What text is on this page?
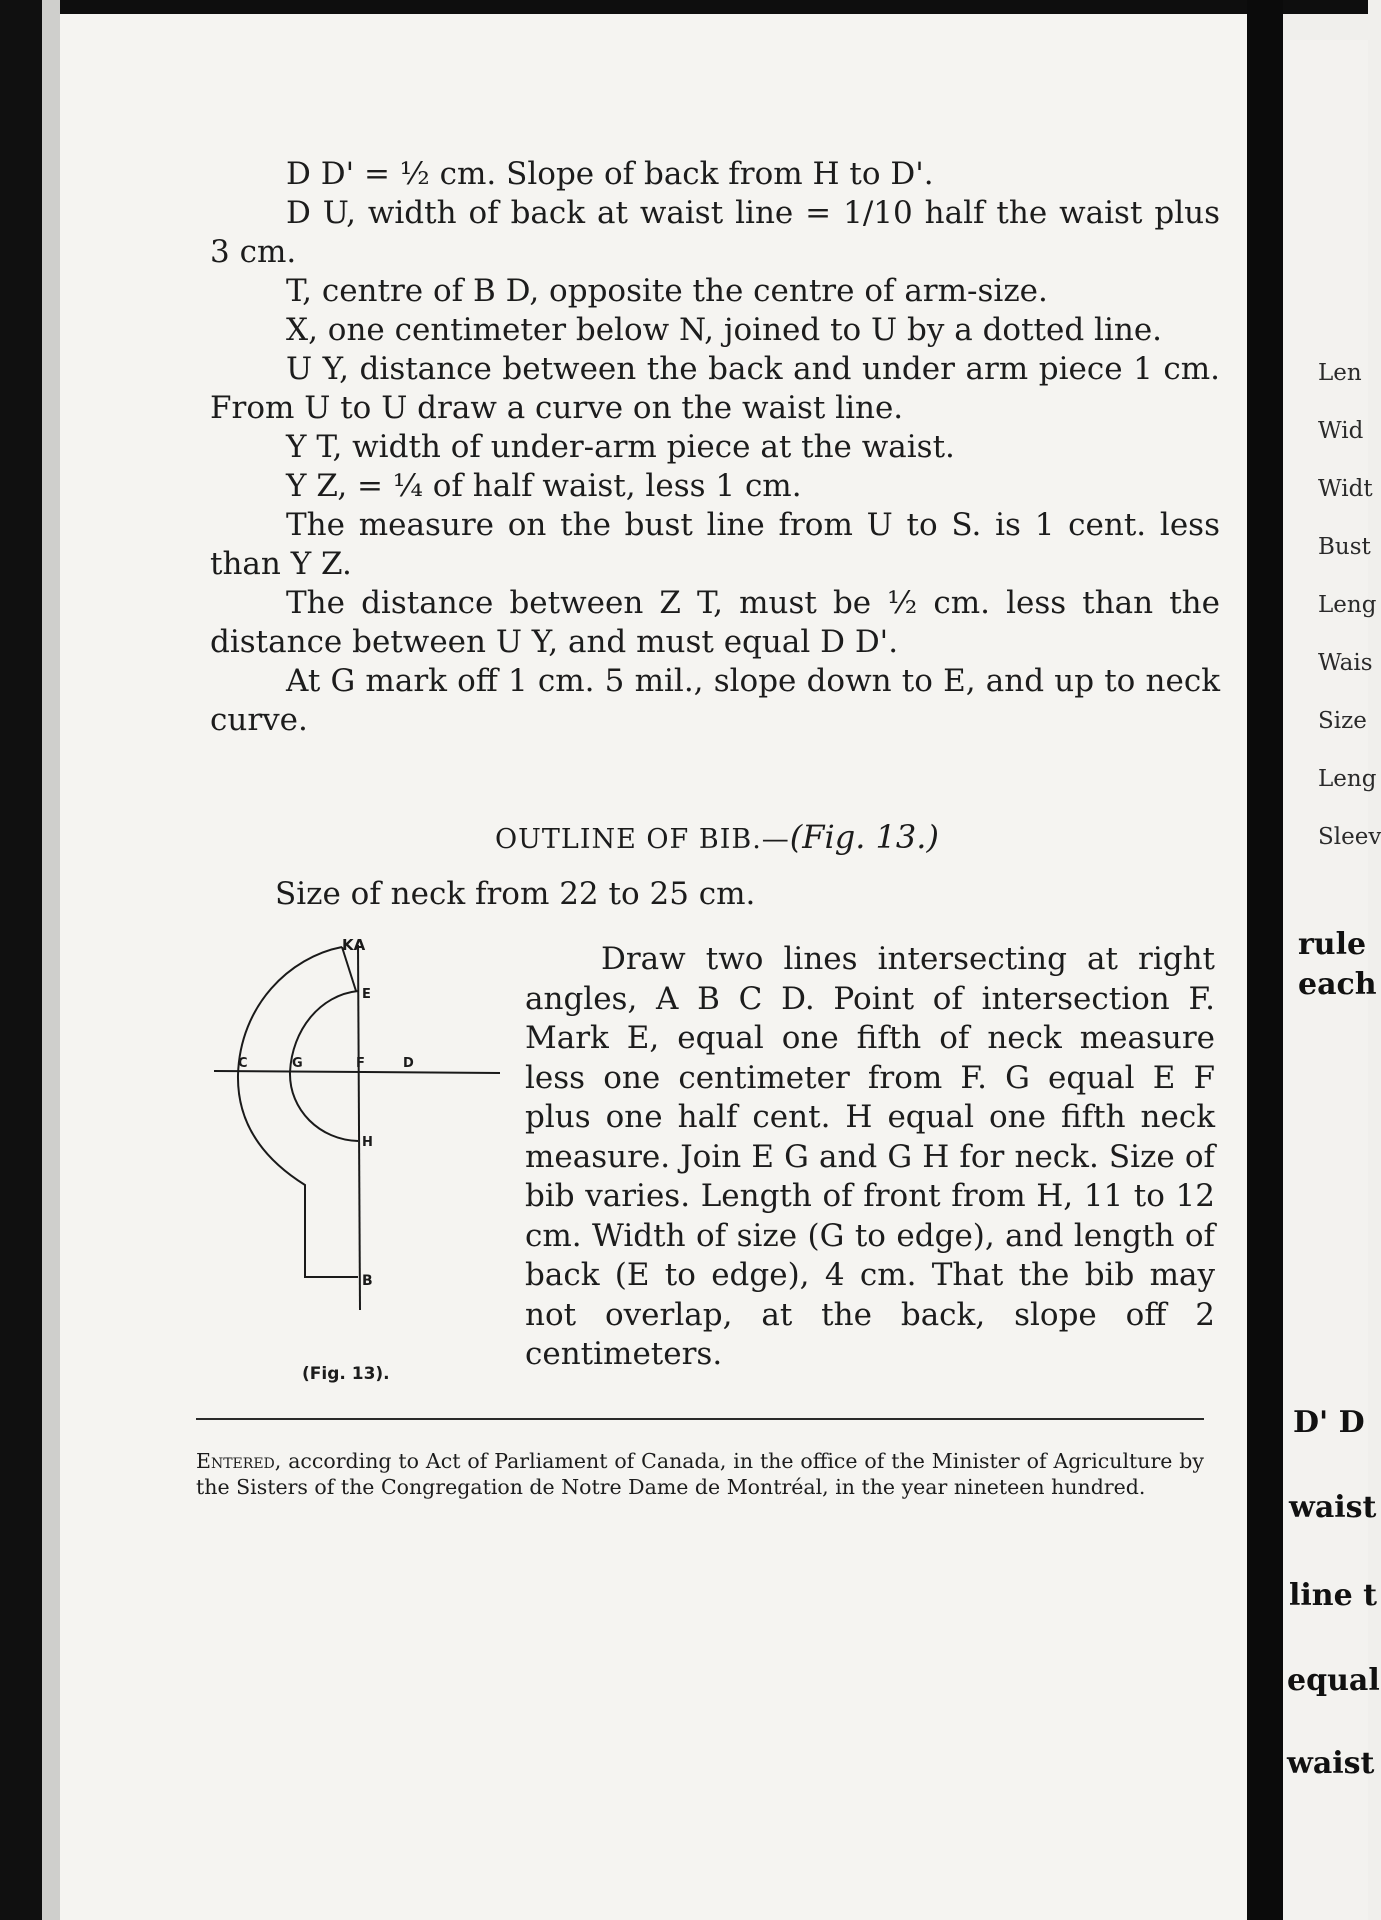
D D' = ½ cm. Slope of back from H to D'.

D U, width of back at waist line = 1/10 half the waist plus 3 cm.

T, centre of B D, opposite the centre of arm-size.

X, one centimeter below N, joined to U by a dotted line.

U Y, distance between the back and under arm piece 1 cm. From U to U draw a curve on the waist line.

Y T, width of under-arm piece at the waist.

Y Z, = ¼ of half waist, less 1 cm.

The measure on the bust line from U to S. is 1 cent. less than Y Z.

The distance between Z T, must be ½ cm. less than the distance between U Y, and must equal D D'.

At G mark off 1 cm. 5 mil., slope down to E, and up to neck curve.

OUTLINE OF BIB.—(Fig. 13.)
Size of neck from 22 to 25 cm.
KA
E
C	G	F	D
H
B
(Fig. 13).

Draw two lines intersecting at right angles, A B C D. Point of intersection F. Mark E, equal one fifth of neck measure less one centimeter from F. G equal E F plus one half cent. H equal one fifth neck measure. Join E G and G H for neck. Size of bib varies. Length of front from H, 11 to 12 cm. Width of size (G to edge), and length of back (E to edge), 4 cm. That the bib may not overlap, at the back, slope off 2 centimeters.

Entered, according to Act of Parliament of Canada, in the office of the Minister of Agriculture by the Sisters of the Congregation de Notre Dame de Montréal, in the year nineteen hundred.

Len
Wid
Widt
Bust
Leng
Wais
Size
Leng
Sleev
rule
each
D' D
waist
line t
equal
waist
